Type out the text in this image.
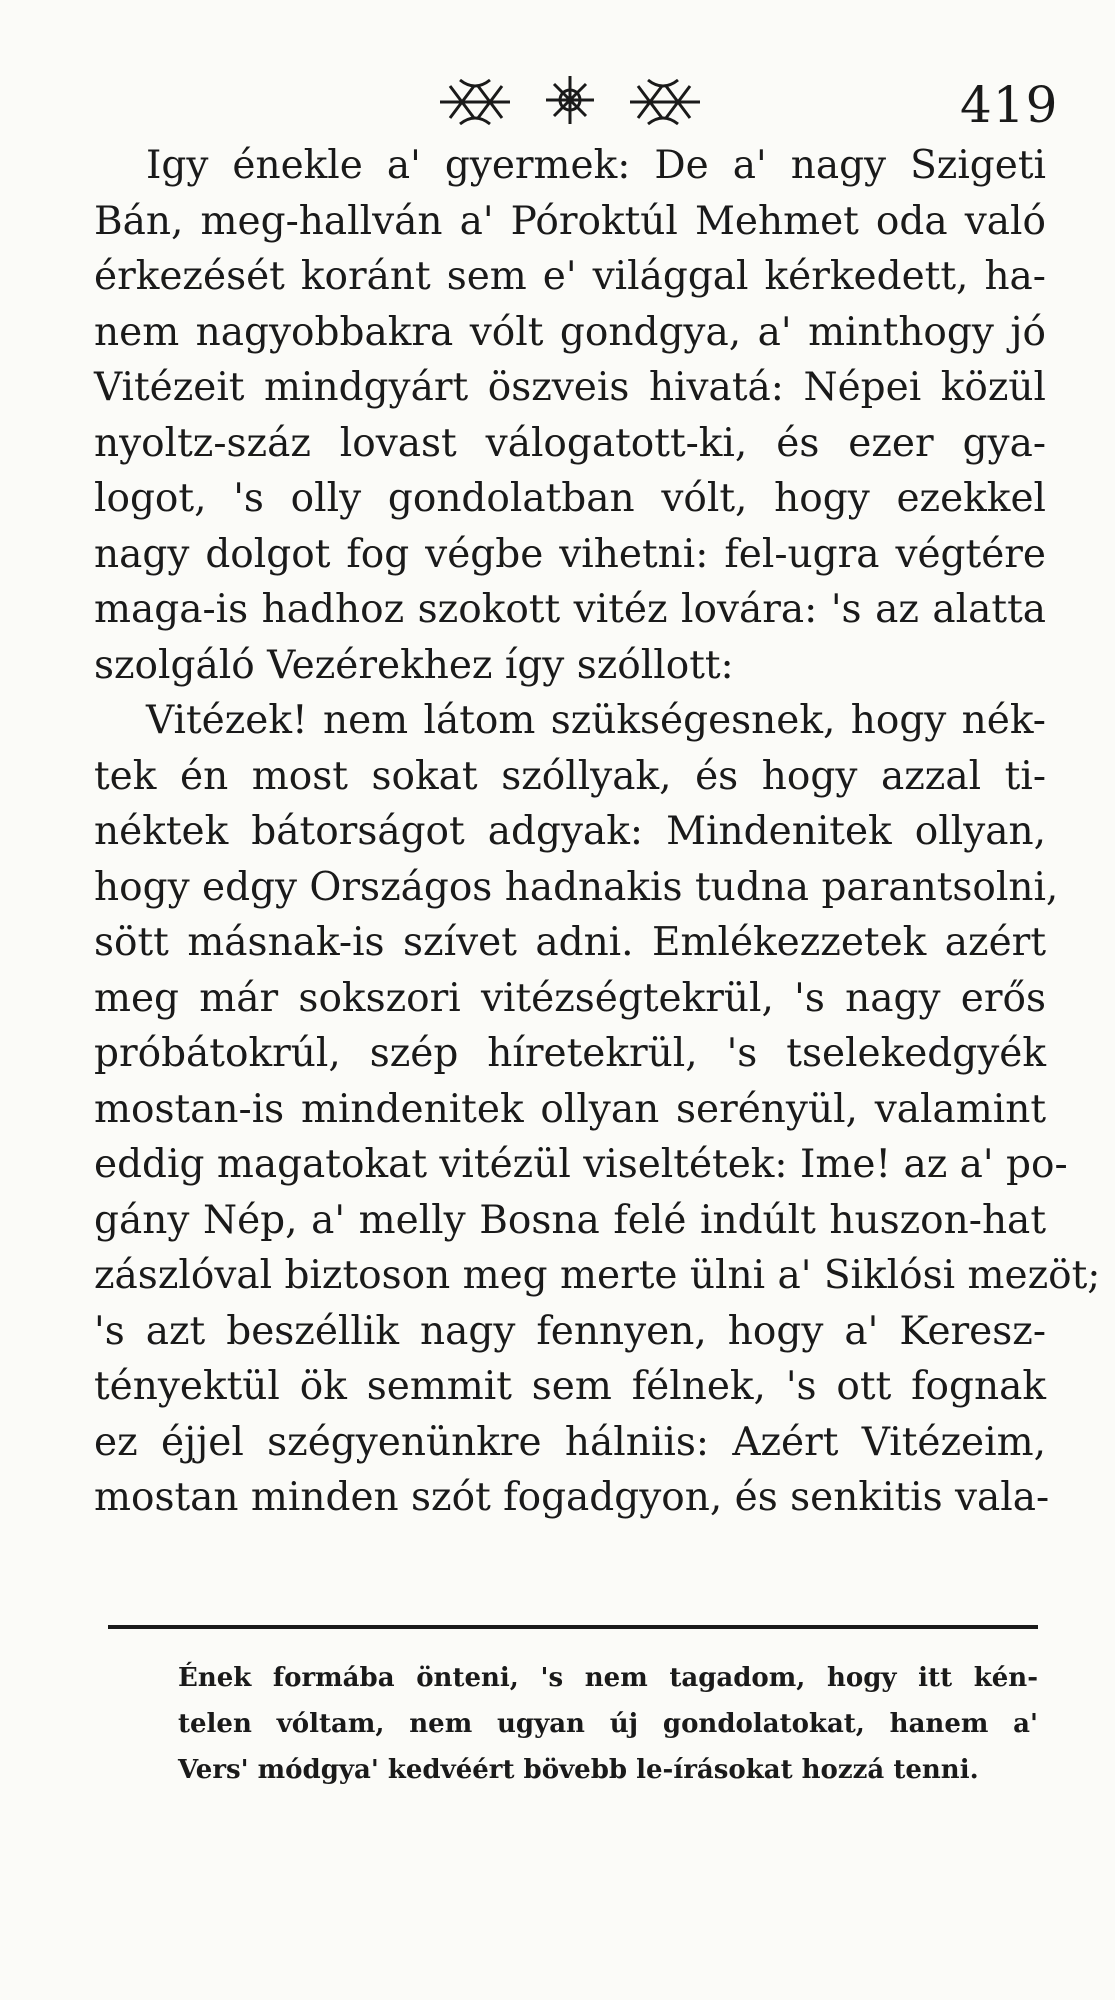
419
Igy énekle a' gyermek: De a' nagy Szigeti
Bán, meg-hallván a' Póroktúl Mehmet oda való
érkezését koránt sem e' világgal kérkedett, ha-
nem nagyobbakra vólt gondgya, a' minthogy jó
Vitézeit mindgyárt öszveis hivatá: Népei közül
nyoltz-száz lovast válogatott-ki, és ezer gya-
logot, 's olly gondolatban vólt, hogy ezekkel
nagy dolgot fog végbe vihetni: fel-ugra végtére
maga-is hadhoz szokott vitéz lovára: 's az alatta
szolgáló Vezérekhez így szóllott:
Vitézek! nem látom szükségesnek, hogy nék-
tek én most sokat szóllyak, és hogy azzal ti-
néktek bátorságot adgyak: Mindenitek ollyan,
hogy edgy Országos hadnakis tudna parantsolni,
sött másnak-is szívet adni. Emlékezzetek azért
meg már sokszori vitézségtekrül, 's nagy erős
próbátokrúl, szép híretekrül, 's tselekedgyék
mostan-is mindenitek ollyan serényül, valamint
eddig magatokat vitézül viseltétek: Ime! az a' po-
gány Nép, a' melly Bosna felé indúlt huszon-hat
zászlóval biztoson meg merte ülni a' Siklósi mezöt;
's azt beszéllik nagy fennyen, hogy a' Keresz-
tényektül ök semmit sem félnek, 's ott fognak
ez éjjel szégyenünkre hálniis: Azért Vitézeim,
mostan minden szót fogadgyon, és senkitis vala-
Ének formába önteni, 's nem tagadom, hogy itt kén-
telen vóltam, nem ugyan új gondolatokat, hanem a'
Vers' módgya' kedvéért bövebb le-írásokat hozzá tenni.
